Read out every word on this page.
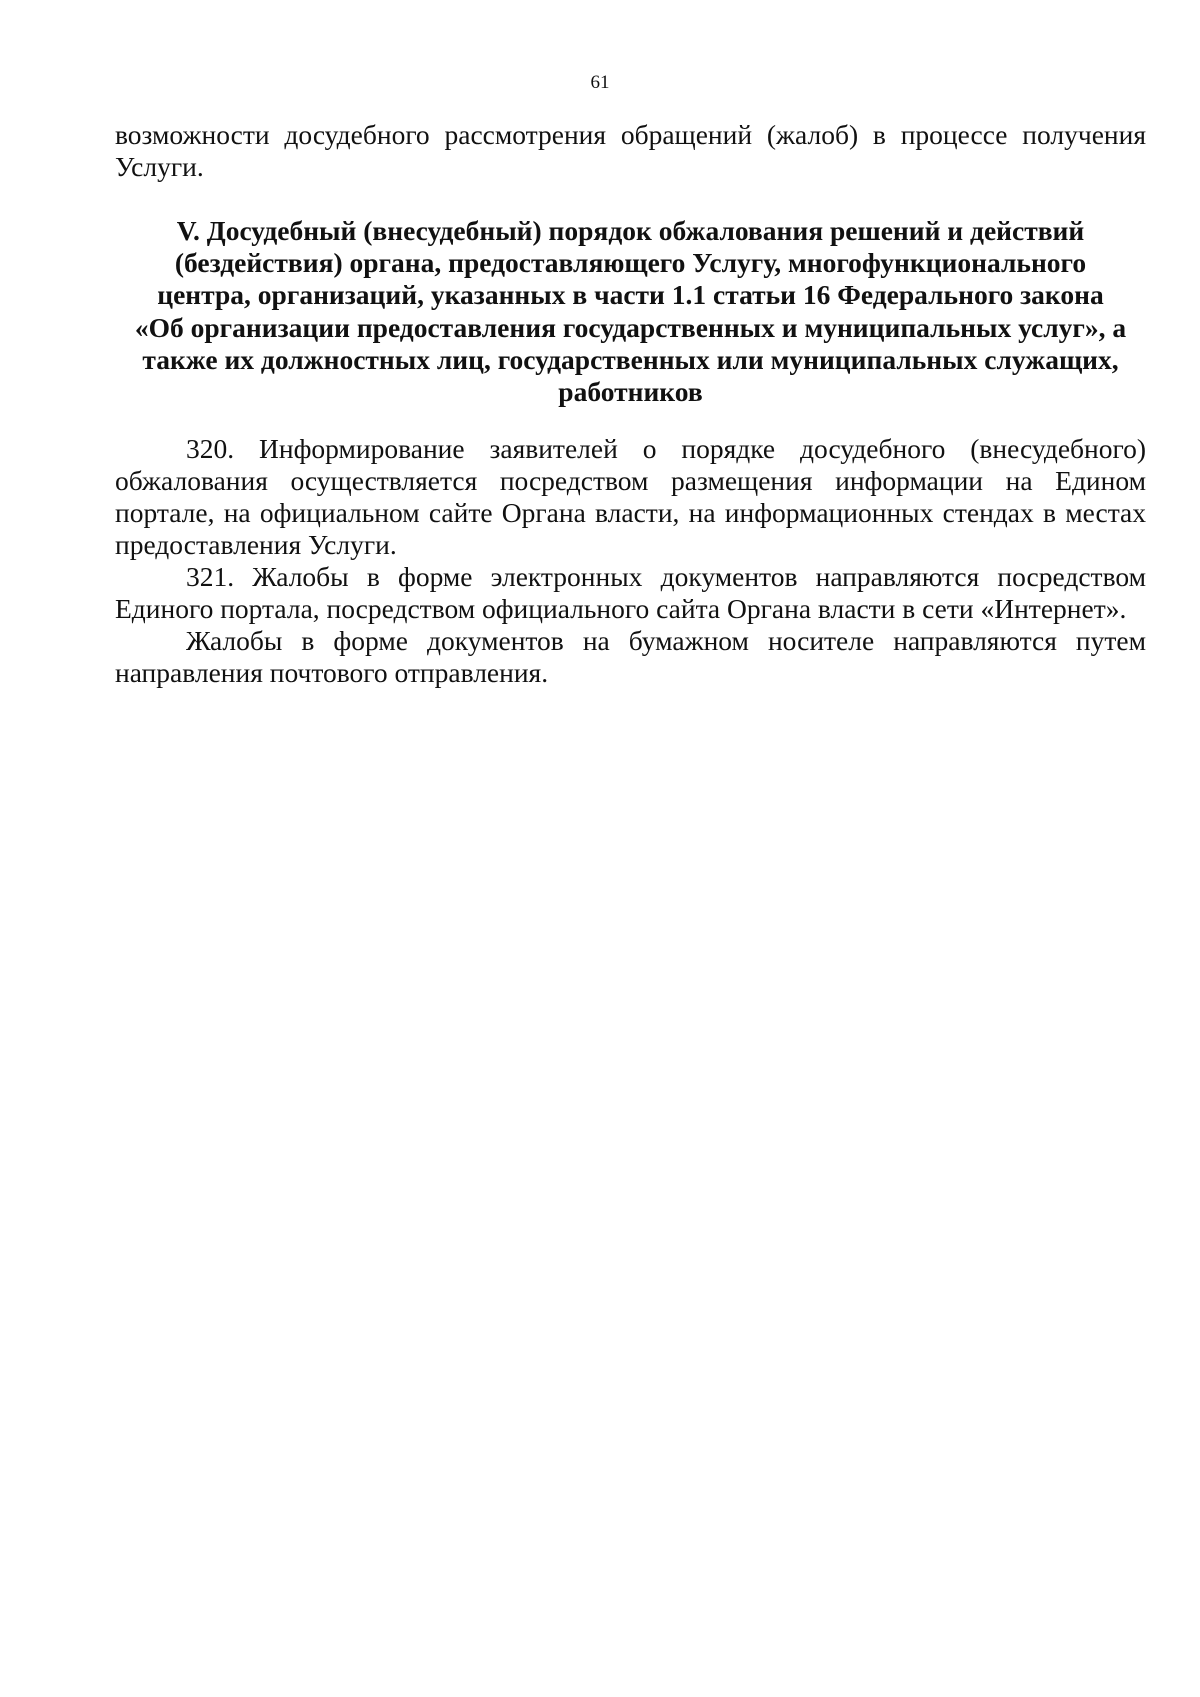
61

возможности досудебного рассмотрения обращений (жалоб) в процессе получения Услуги.

V. Досудебный (внесудебный) порядок обжалования решений и действий
(бездействия) органа, предоставляющего Услугу, многофункционального
центра, организаций, указанных в части 1.1 статьи 16 Федерального закона
«Об организации предоставления государственных и муниципальных услуг», а
также их должностных лиц, государственных или муниципальных служащих,
работников

320. Информирование заявителей о порядке досудебного (внесудебного) обжалования осуществляется посредством размещения информации на Едином портале, на официальном сайте Органа власти, на информационных стендах в местах предоставления Услуги.

321. Жалобы в форме электронных документов направляются посредством Единого портала, посредством официального сайта Органа власти в сети «Интернет».

Жалобы в форме документов на бумажном носителе направляются путем направления почтового отправления.
